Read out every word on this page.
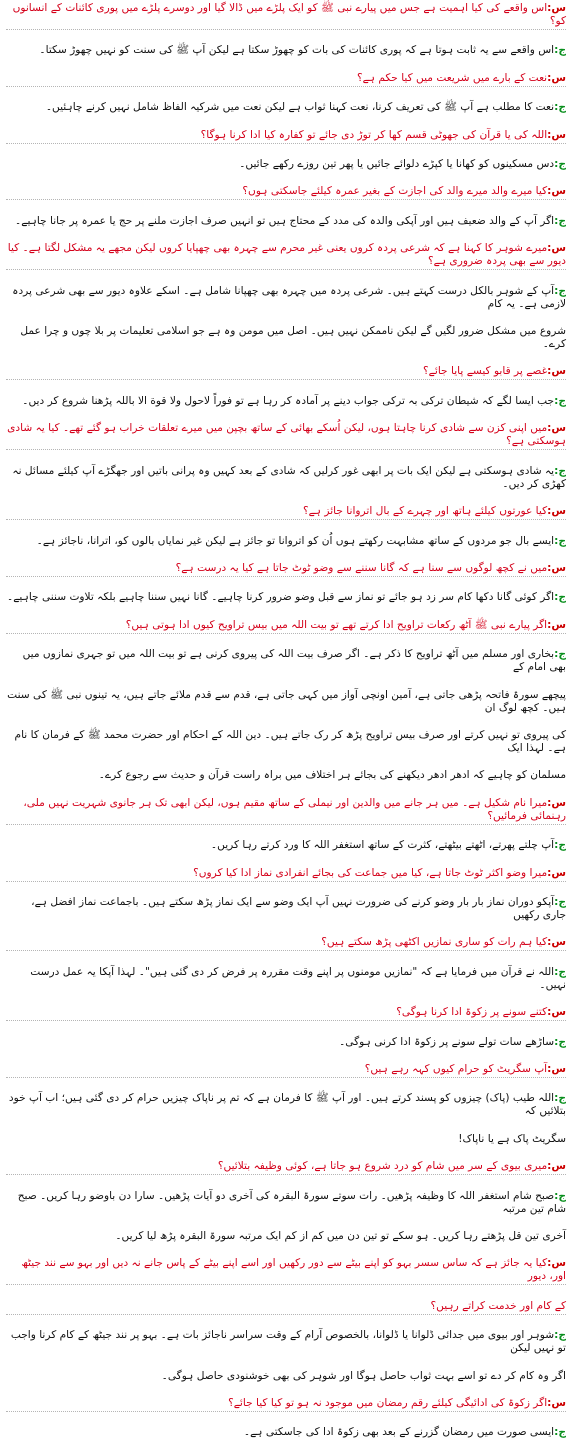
س:اس واقعے کی کیا اہمیت ہے جس میں پیارے نبی ﷺ کو ایک پلڑے میں ڈالا گیا اور دوسرے پلڑے میں پوری کائنات کے انسانوں کو؟

ج:اس واقعے سے یہ ثابت ہوتا ہے کہ پوری کائنات کی بات کو چھوڑ سکتا ہے لیکن آپ ﷺ کی سنت کو نہیں چھوڑ سکتا۔

س:نعت کے بارے میں شریعت میں کیا حکم ہے؟

ج:نعت کا مطلب ہے آپ ﷺ کی تعریف کرنا، نعت کہنا ثواب ہے لیکن نعت میں شرکیہ الفاظ شامل نہیں کرنے چاہئیں۔

س:اللہ کی یا قرآن کی جھوٹی قسم کھا کر توڑ دی جائے تو کفارہ کیا ادا کرنا ہوگا؟

ج:دس مسکینوں کو کھانا یا کپڑے دلوائے جائیں یا پھر تین روزے رکھے جائیں۔

س:کیا میرے والد میرے والد کی اجازت کے بغیر عمرہ کیلئے جاسکتی ہوں؟

ج:اگر آپ کے والد ضعیف ہیں اور آپکی والدہ کی مدد کے محتاج ہیں تو انہیں صرف اجازت ملنے پر حج یا عمرہ پر جانا چاہیے۔

س:میرے شوہر کا کہنا ہے کہ شرعی پردہ کروں یعنی غیر محرم سے چہرہ بھی چھپایا کروں لیکن مجھے یہ مشکل لگتا ہے۔ کیا دیور سے بھی پردہ ضروری ہے؟

ج:آپ کے شوہر بالکل درست کہتے ہیں۔ شرعی پردہ میں چہرہ بھی چھپانا شامل ہے۔ اسکے علاوہ دیور سے بھی شرعی پردہ لازمی ہے۔ یہ کام

شروع میں مشکل ضرور لگیں گے لیکن ناممکن نہیں ہیں۔ اصل میں مومن وہ ہے جو اسلامی تعلیمات پر بلا چوں و چرا عمل کرے۔

س:غصے پر قابو کیسے پایا جائے؟

ج:جب ایسا لگے کہ شیطان ترکی بہ ترکی جواب دینے پر آمادہ کر رہا ہے تو فوراً لاحول ولا قوة الا باللہ پڑھنا شروع کر دیں۔

س:میں اپنی کزن سے شادی کرنا چاہتا ہوں، لیکن اُسکے بھائی کے ساتھ بچپن میں میرے تعلقات خراب ہو گئے تھے۔ کیا یہ شادی ہوسکتی ہے؟

ج:یہ شادی ہوسکتی ہے لیکن ایک بات پر ابھی غور کرلیں کہ شادی کے بعد کہیں وہ پرانی باتیں اور جھگڑے آپ کیلئے مسائل نہ کھڑی کر دیں۔

س:کیا عورتوں کیلئے ہاتھ اور چہرے کے بال اتروانا جائز ہے؟

ج:ایسے بال جو مردوں کے ساتھ مشابہت رکھتے ہوں اُن کو اتروانا تو جائز ہے لیکن غیر نمایاں بالوں کو، اترانا، ناجائز ہے۔

س:میں نے کچھ لوگوں سے سنا ہے کہ گانا سننے سے وضو ٹوٹ جاتا ہے کیا یہ درست ہے؟

ج:اگر کوئی گانا دکھا کام سر زد ہو جائے تو نماز سے قبل وضو ضرور کرنا چاہیے۔ گانا نہیں سننا چاہیے بلکہ تلاوت سننی چاہیے۔

س:اگر پیارے نبی ﷺ آٹھ رکعات تراویح ادا کرتے تھے تو بیت اللہ میں بیس تراویح کیوں ادا ہوتی ہیں؟

ج:بخاری اور مسلم میں آٹھ تراویح کا ذکر ہے۔ اگر صرف بیت اللہ کی پیروی کرنی ہے تو بیت اللہ میں تو جہری نمازوں میں بھی امام کے

پیچھے سورۃ فاتحہ پڑھی جاتی ہے، آمین اونچی آواز میں کہی جاتی ہے، قدم سے قدم ملائے جاتے ہیں، یہ تینوں نبی ﷺ کی سنت ہیں۔ کچھ لوگ ان

کی پیروی تو نہیں کرتے اور صرف بیس تراویح پڑھ کر رک جاتے ہیں۔ دین اللہ کے احکام اور حضرت محمد ﷺ کے فرمان کا نام ہے۔ لہذا ایک

مسلمان کو چاہیے کہ ادھر ادھر دیکھنے کی بجائے ہر اختلاف میں براہ راست قرآن و حدیث سے رجوع کرے۔

س:میرا نام شکیل ہے۔ میں ہر جانے میں والدین اور نیملی کے ساتھ مقیم ہوں، لیکن ابھی تک ہر جانوی شہریت نہیں ملی، رہنمائی فرمائیں؟

ج:آپ چلتے پھرتے، اٹھتے بیٹھتے، کثرت کے ساتھ استغفر اللہ کا ورد کرتے رہا کریں۔

س:میرا وضو اکثر ٹوٹ جاتا ہے، کیا میں جماعت کی بجائے انفرادی نماز ادا کیا کروں؟

ج:آپکو دوران نماز بار بار وضو کرنے کی ضرورت نہیں آپ ایک وضو سے ایک نماز پڑھ سکتے ہیں۔ باجماعت نماز افضل ہے، جاری رکھیں

س:کیا ہم رات کو ساری نمازیں اکٹھی پڑھ سکتے ہیں؟

ج:اللہ نے قرآن میں فرمایا ہے کہ "نمازیں مومنوں پر اپنے وقت مقررہ پر فرض کر دی گئی ہیں"۔ لہذا آپکا یہ عمل درست نہیں۔

س:کتنے سونے پر زکوۃ ادا کرنا ہوگی؟

ج:ساڑھے سات تولے سونے پر زکوۃ ادا کرنی ہوگی۔

س:آپ سگریٹ کو حرام کیوں کہہ رہے ہیں؟

ج:اللہ طیب (پاک) چیزوں کو پسند کرتے ہیں۔ اور آپ ﷺ کا فرمان ہے کہ تم پر ناپاک چیزیں حرام کر دی گئی ہیں؛ اب آپ خود بتلائیں کہ

سگریٹ پاک ہے یا ناپاک!

س:میری بیوی کے سر میں شام کو درد شروع ہو جاتا ہے، کوئی وظیفہ بتلائیں؟

ج:صبح شام استغفر اللہ کا وظیفہ پڑھیں۔ رات سوتے سورۃ البقرہ کی آخری دو آیات پڑھیں۔ سارا دن باوضو رہا کریں۔ صبح شام تین مرتبہ

آخری تین قل پڑھتے رہا کریں۔ ہو سکے تو تین دن میں کم از کم ایک مرتبہ سورۃ البقرہ پڑھ لیا کریں۔

س:کیا یہ جائز ہے کہ ساس سسر بہو کو اپنے بیٹے سے دور رکھیں اور اسے اپنے بیٹے کے پاس جانے نہ دیں اور بہو سے نند جیٹھ اور، دیور

کے کام اور خدمت کراتے رہیں؟

ج:شوہر اور بیوی میں جدائی ڈلوانا یا ڈلوانا، بالخصوص آرام کے وقت سراسر ناجائز بات ہے۔ بہو پر نند جیٹھ کے کام کرنا واجب تو نہیں لیکن

اگر وہ کام کر دے تو اسے بہت ثواب حاصل ہوگا اور شوہر کی بھی خوشنودی حاصل ہوگی۔

س:اگر زکوۃ کی ادائیگی کیلئے رقم رمضان میں موجود نہ ہو تو کیا کیا جائے؟

ج:ایسی صورت میں رمضان گزرنے کے بعد بھی زکوۃ ادا کی جاسکتی ہے۔
